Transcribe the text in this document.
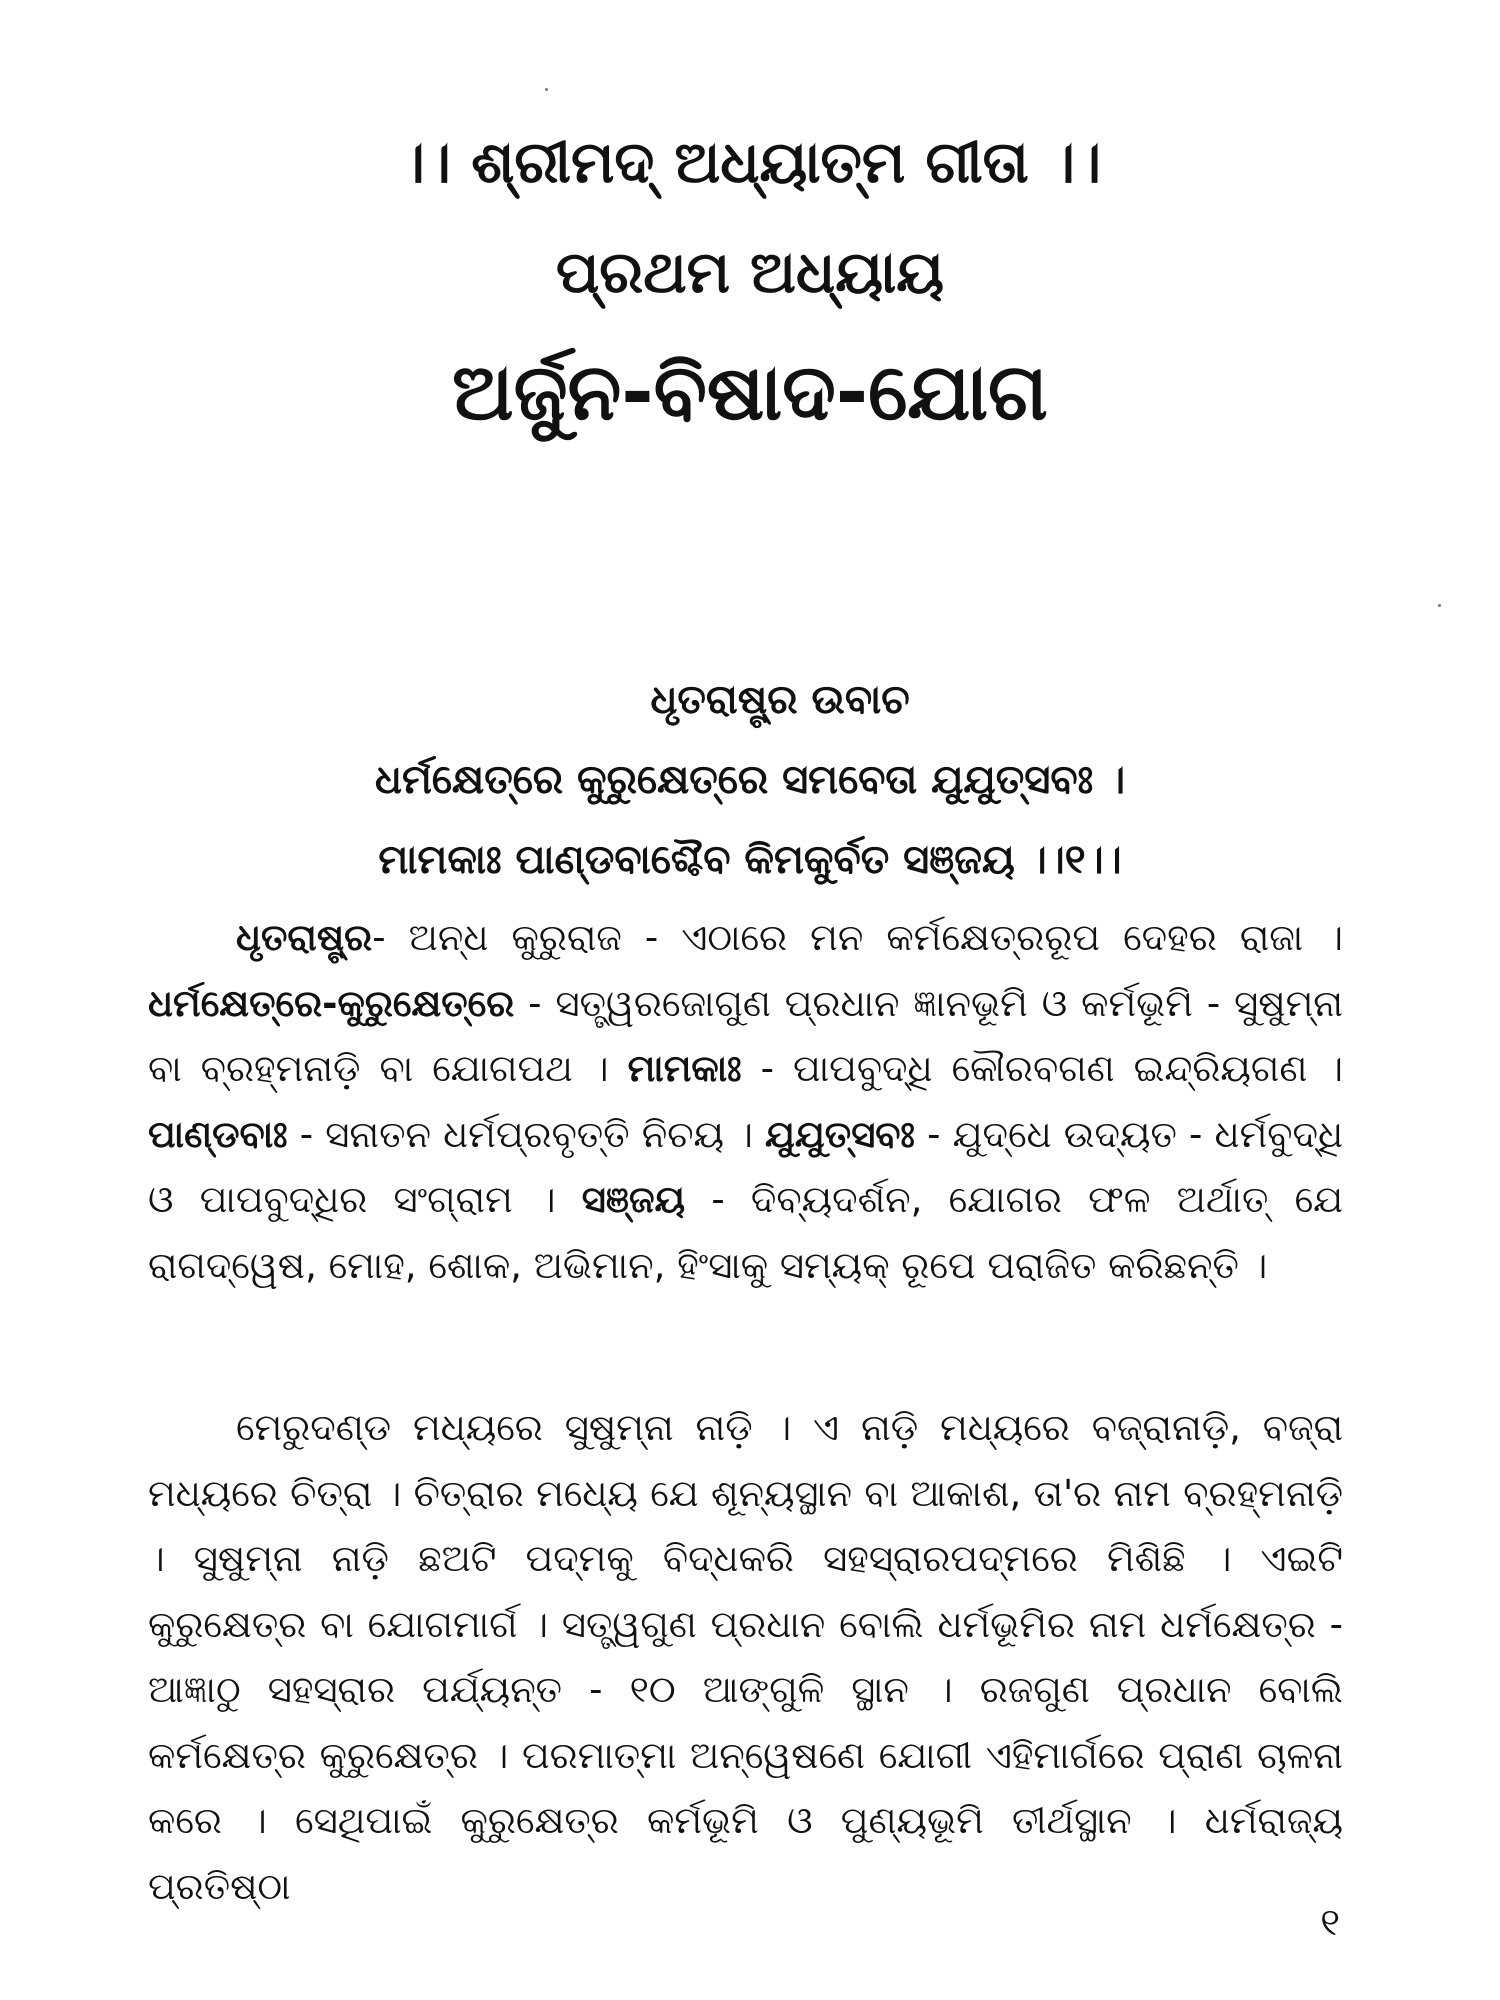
।। ଶ୍ରୀମଦ୍ ଅଧ୍ୟାତ୍ମ ଗୀତା ।।
ପ୍ରଥମ ଅଧ୍ୟାୟ
ଅର୍ଜୁନ-ବିଷାଦ-ଯୋଗ
ଧୃତରାଷ୍ଟ୍ର ଉବାଚ
ଧର୍ମକ୍ଷେତ୍ରେ କୁରୁକ୍ଷେତ୍ରେ ସମବେତା ଯୁଯୁତ୍ସବଃ ।
ମାମକାଃ ପାଣ୍ଡବାଶ୍ଚୈବ କିମକୁର୍ବତ ସଞ୍ଜୟ ।।୧।।

ଧୃତରାଷ୍ଟ୍ର- ଅନ୍ଧ କୁରୁରାଜ - ଏଠାରେ ମନ କର୍ମକ୍ଷେତ୍ରରୂପ ଦେହର ରାଜା । ଧର୍ମକ୍ଷେତ୍ରେ-କୁରୁକ୍ଷେତ୍ରେ - ସତ୍ତ୍ୱରଜୋଗୁଣ ପ୍ରଧାନ ଜ୍ଞାନଭୂମି ଓ କର୍ମଭୂମି - ସୁଷୁମ୍ନା ବା ବ୍ରହ୍ମନାଡ଼ି ବା ଯୋଗପଥ । ମାମକାଃ - ପାପବୁଦ୍ଧି କୌରବଗଣ ଇନ୍ଦ୍ରିୟଗଣ । ପାଣ୍ଡବାଃ - ସନାତନ ଧର୍ମପ୍ରବୃତ୍ତି ନିଚୟ । ଯୁଯୁତ୍ସବଃ - ଯୁଦ୍ଧେ ଉଦ୍ୟତ - ଧର୍ମବୁଦ୍ଧି ଓ ପାପବୁଦ୍ଧିର ସଂଗ୍ରାମ । ସଞ୍ଜୟ - ଦିବ୍ୟଦର୍ଶନ, ଯୋଗର ଫଳ ଅର୍ଥାତ୍ ଯେ ରାଗଦ୍ୱେଷ, ମୋହ, ଶୋକ, ଅଭିମାନ, ହିଂସାକୁ ସମ୍ୟକ୍ ରୂପେ ପରାଜିତ କରିଛନ୍ତି ।

ମେରୁଦଣ୍ଡ ମଧ୍ୟରେ ସୁଷୁମ୍ନା ନାଡ଼ି । ଏ ନାଡ଼ି ମଧ୍ୟରେ ବଜ୍ରାନାଡ଼ି, ବଜ୍ରା ମଧ୍ୟରେ ଚିତ୍ରା । ଚିତ୍ରାର ମଧ୍ୟେ ଯେ ଶୂନ୍ୟସ୍ଥାନ ବା ଆକାଶ, ତା'ର ନାମ ବ୍ରହ୍ମନାଡ଼ି । ସୁଷୁମ୍ନା ନାଡ଼ି ଛଅଟି ପଦ୍ମକୁ ବିଦ୍ଧକରି ସହସ୍ରାରପଦ୍ମରେ ମିଶିଛି । ଏଇଟି କୁରୁକ୍ଷେତ୍ର ବା ଯୋଗମାର୍ଗ । ସତ୍ତ୍ୱଗୁଣ ପ୍ରଧାନ ବୋଲି ଧର୍ମଭୂମିର ନାମ ଧର୍ମକ୍ଷେତ୍ର - ଆଜ୍ଞାଠୁ ସହସ୍ରାର ପର୍ଯ୍ୟନ୍ତ - ୧୦ ଆଙ୍ଗୁଳି ସ୍ଥାନ । ରଜଗୁଣ ପ୍ରଧାନ ବୋଲି କର୍ମକ୍ଷେତ୍ର କୁରୁକ୍ଷେତ୍ର । ପରମାତ୍ମା ଅନ୍ୱେଷଣେ ଯୋଗୀ ଏହିମାର୍ଗରେ ପ୍ରାଣ ଚାଳନା କରେ । ସେଥିପାଇଁ କୁରୁକ୍ଷେତ୍ର କର୍ମଭୂମି ଓ ପୁଣ୍ୟଭୂମି ତୀର୍ଥସ୍ଥାନ । ଧର୍ମରାଜ୍ୟ ପ୍ରତିଷ୍ଠା

୧
